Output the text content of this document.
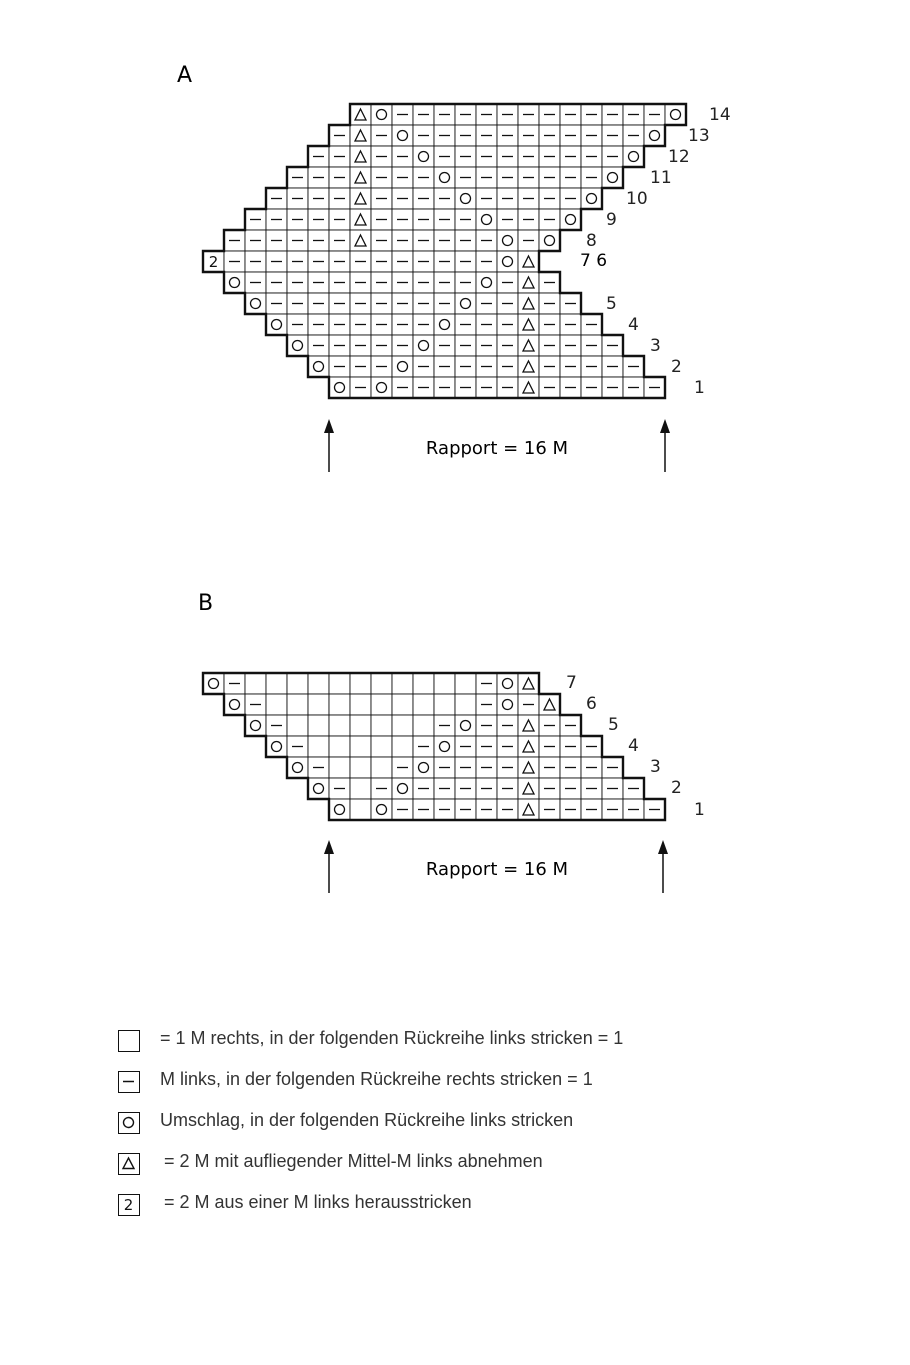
A
2
1
2
3
4
5
8
9
10
11
12
13
14
7 6
Rapport = 16 M
B
1
2
3
4
5
6
7
Rapport = 16 M
= 1 M rechts, in der folgenden Rückreihe links stricken = 1
M links, in der folgenden Rückreihe rechts stricken = 1
Umschlag, in der folgenden Rückreihe links stricken
= 2 M mit aufliegender Mittel-M links abnehmen
2 = 2 M aus einer M links herausstricken
